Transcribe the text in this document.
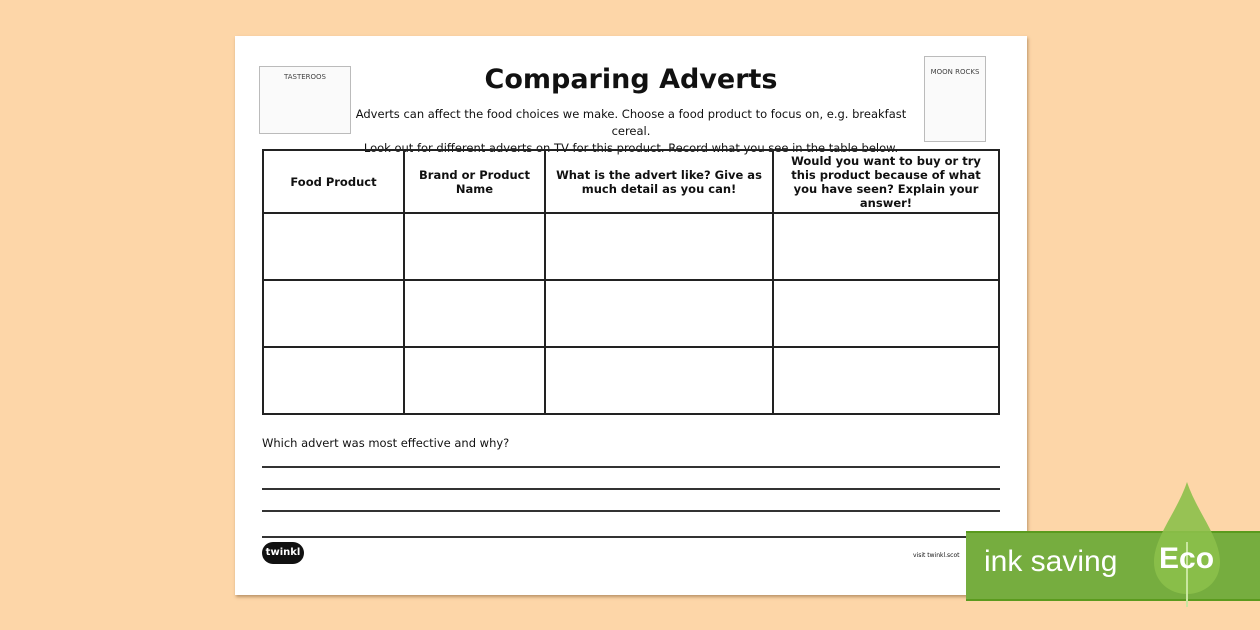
TASTEROOS
MOON ROCKS
Comparing Adverts
Adverts can affect the food choices we make. Choose a food product to focus on, e.g. breakfast cereal.
Look out for different adverts on TV for this product. Record what you see in the table below.
Food Product	Brand or Product Name	What is the advert like? Give as much detail as you can!	Would you want to buy or try this product because of what you have seen? Explain your answer!

Which advert was most effective and why?
twinkl	visit twinkl.scot ink saving Eco
